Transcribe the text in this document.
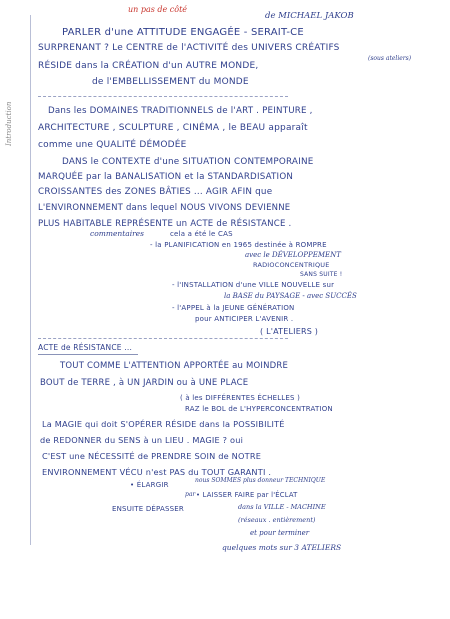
un pas de côté
de MICHAEL JAKOB
Introduction
PARLER d'une ATTITUDE ENGAGÉE - SERAIT-CE
SURPRENANT ? Le CENTRE de l'ACTIVITÉ des UNIVERS CRÉATIFS
(sous ateliers)
RÉSIDE dans la CRÉATION d'un AUTRE MONDE,
de l'EMBELLISSEMENT du MONDE
Dans les DOMAINES TRADITIONNELS de l'ART . PEINTURE ,
ARCHITECTURE , SCULPTURE , CINÉMA , le BEAU apparaît
comme une QUALITÉ DÉMODÉE
DANS le CONTEXTE d'une SITUATION CONTEMPORAINE
MARQUÉE par la BANALISATION et la STANDARDISATION
CROISSANTES des ZONES BÂTIES ... AGIR AFIN que
L'ENVIRONNEMENT dans lequel NOUS VIVONS DEVIENNE
PLUS HABITABLE REPRÉSENTE un ACTE de RÉSISTANCE .
commentaires	cela a été le CAS
- la PLANIFICATION en 1965 destinée à ROMPRE
avec le DÉVELOPPEMENT
RADIOCONCENTRIQUE
SANS SUITE !
- l'INSTALLATION d'une VILLE NOUVELLE sur
la BASE du PAYSAGE - avec SUCCÈS
- l'APPEL à la JEUNE GÉNÉRATION
pour ANTICIPER L'AVENIR .
( L'ATELIERS )
ACTE de RÉSISTANCE ...
TOUT COMME L'ATTENTION APPORTÉE au MOINDRE
BOUT de TERRE , à UN JARDIN ou à UNE PLACE
( à les DIFFÉRENTES ÉCHELLES )
RAZ le BOL de L'HYPERCONCENTRATION
La MAGIE qui doit S'OPÉRER RÉSIDE dans la POSSIBILITÉ
de REDONNER du SENS à un LIEU . MAGIE ? oui
C'EST une NÉCESSITÉ de PRENDRE SOIN de NOTRE
ENVIRONNEMENT VÉCU n'est PAS du TOUT GARANTI .
• ÉLARGIR
nous SOMMES plus donneur TECHNIQUE
par • LAISSER FAIRE par l'ÉCLAT
dans la VILLE - MACHINE
ENSUITE DÉPASSER
(réseaux . entièrement)
et pour terminer
quelques mots sur 3 ATELIERS
